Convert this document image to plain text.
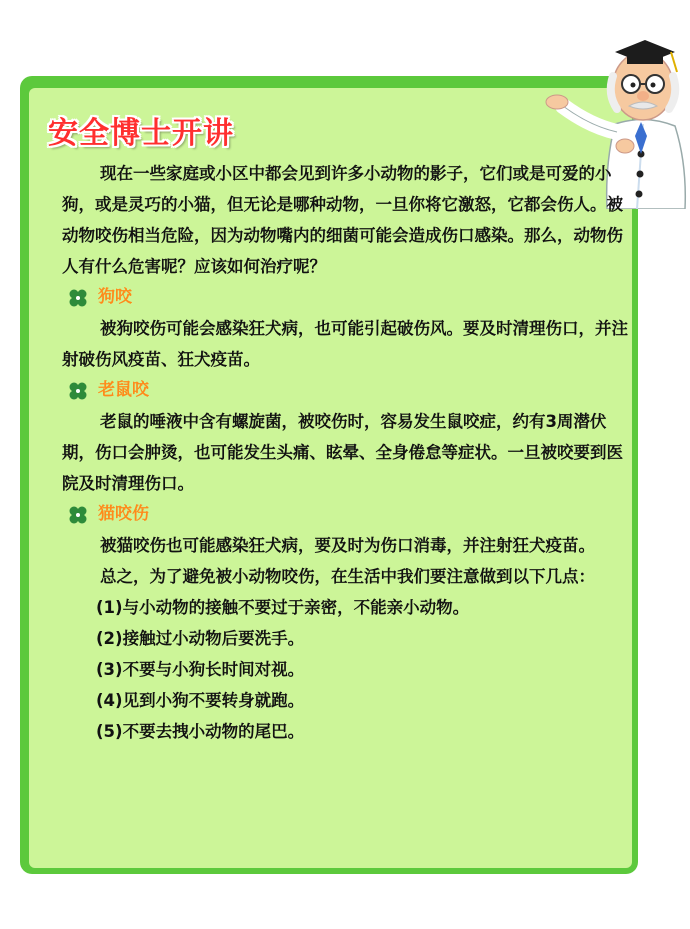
安全博士开讲

现在一些家庭或小区中都会见到许多小动物的影子，它们或是可爱的小狗，或是灵巧的小猫，但无论是哪种动物，一旦你将它激怒，它都会伤人。被动物咬伤相当危险，因为动物嘴内的细菌可能会造成伤口感染。那么，动物伤人有什么危害呢？应该如何治疗呢？

狗咬

被狗咬伤可能会感染狂犬病，也可能引起破伤风。要及时清理伤口，并注射破伤风疫苗、狂犬疫苗。

老鼠咬

老鼠的唾液中含有螺旋菌，被咬伤时，容易发生鼠咬症，约有3周潜伏期，伤口会肿烫，也可能发生头痛、眩晕、全身倦怠等症状。一旦被咬要到医院及时清理伤口。

猫咬伤

被猫咬伤也可能感染狂犬病，要及时为伤口消毒，并注射狂犬疫苗。

总之，为了避免被小动物咬伤，在生活中我们要注意做到以下几点：

(1)与小动物的接触不要过于亲密，不能亲小动物。

(2)接触过小动物后要洗手。

(3)不要与小狗长时间对视。

(4)见到小狗不要转身就跑。

(5)不要去拽小动物的尾巴。
